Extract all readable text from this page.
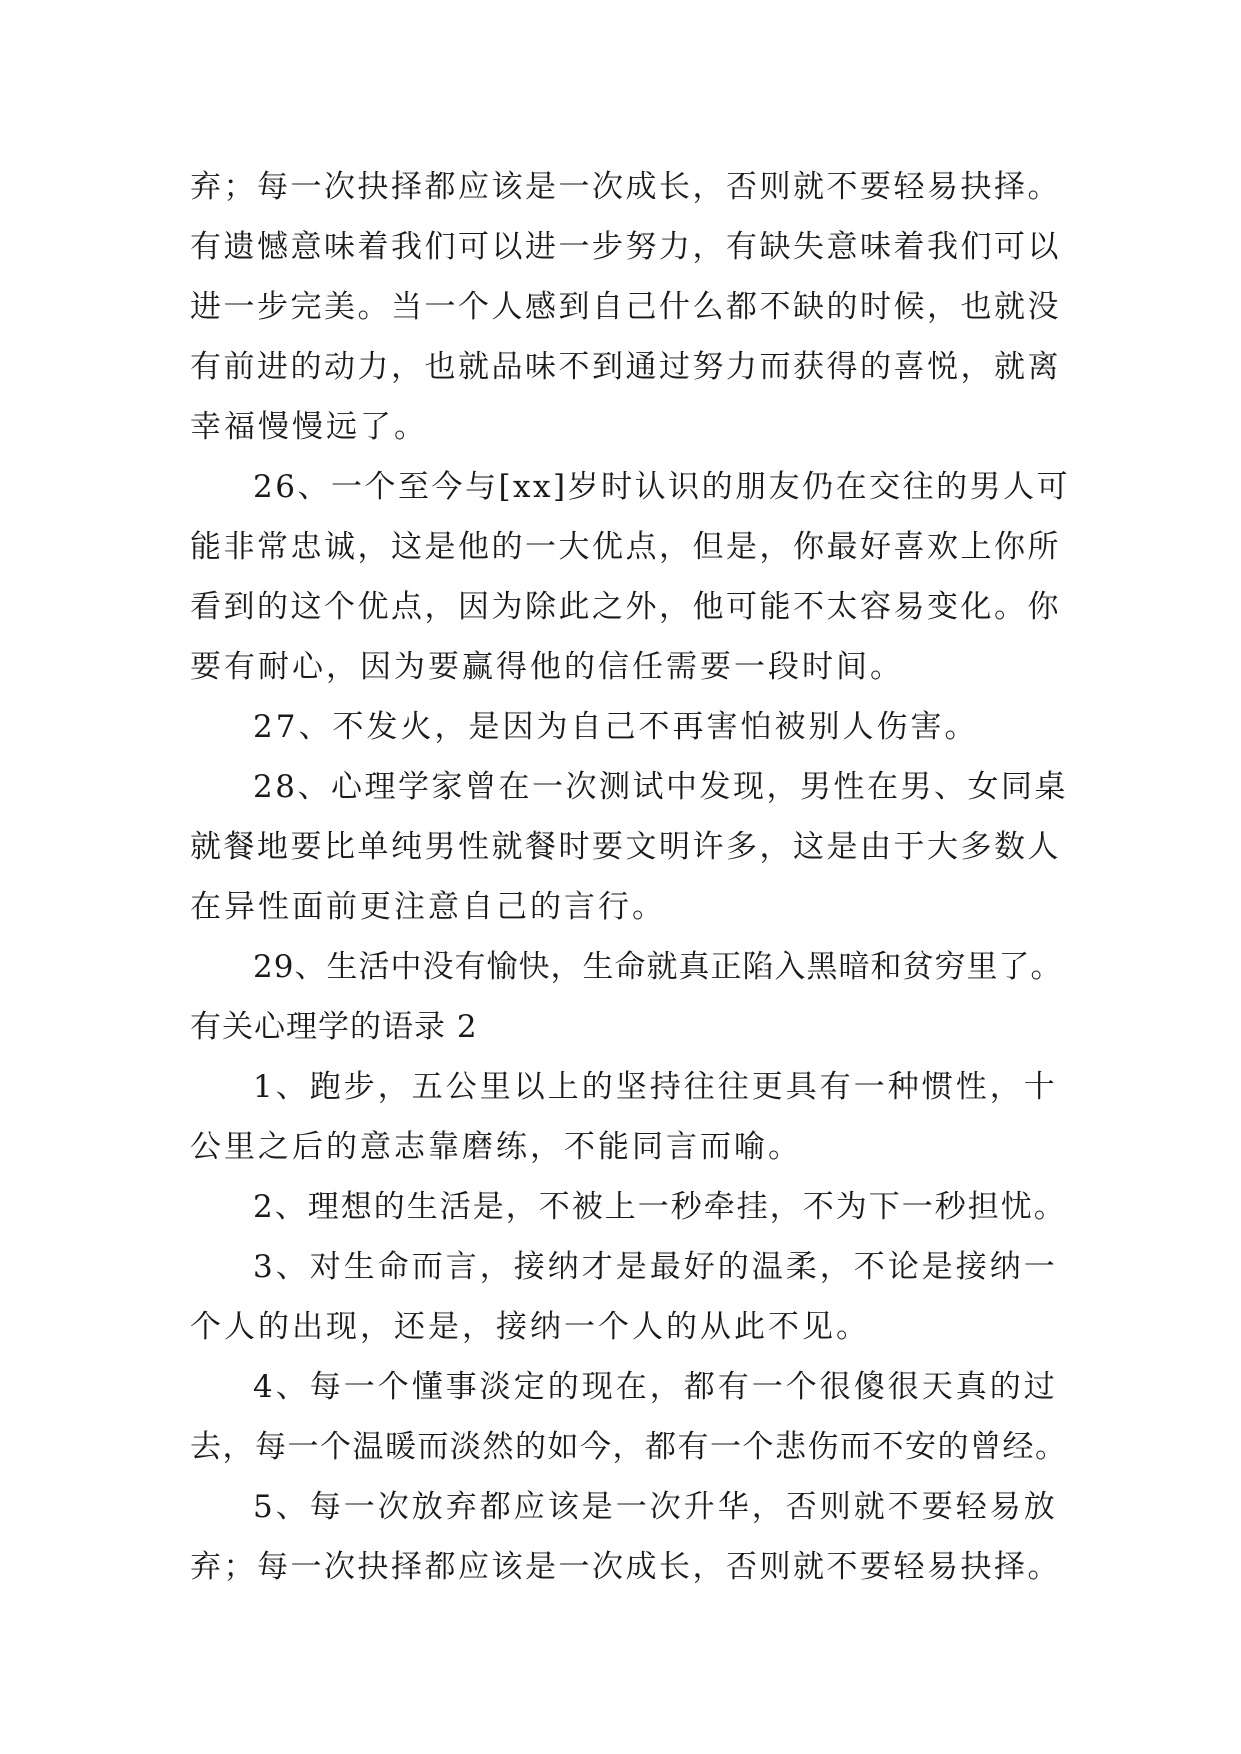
弃；每一次抉择都应该是一次成长，否则就不要轻易抉择。
有遗憾意味着我们可以进一步努力，有缺失意味着我们可以
进一步完美。当一个人感到自己什么都不缺的时候，也就没
有前进的动力，也就品味不到通过努力而获得的喜悦，就离
幸福慢慢远了。
26、一个至今与[xx]岁时认识的朋友仍在交往的男人可
能非常忠诚，这是他的一大优点，但是，你最好喜欢上你所
看到的这个优点，因为除此之外，他可能不太容易变化。你
要有耐心，因为要赢得他的信任需要一段时间。
27、不发火，是因为自己不再害怕被别人伤害。
28、心理学家曾在一次测试中发现，男性在男、女同桌
就餐地要比单纯男性就餐时要文明许多，这是由于大多数人
在异性面前更注意自己的言行。
29、生活中没有愉快，生命就真正陷入黑暗和贫穷里了。
有关心理学的语录 2
1、跑步，五公里以上的坚持往往更具有一种惯性，十
公里之后的意志靠磨练，不能同言而喻。
2、理想的生活是，不被上一秒牵挂，不为下一秒担忧。
3、对生命而言，接纳才是最好的温柔，不论是接纳一
个人的出现，还是，接纳一个人的从此不见。
4、每一个懂事淡定的现在，都有一个很傻很天真的过
去，每一个温暖而淡然的如今，都有一个悲伤而不安的曾经。
5、每一次放弃都应该是一次升华，否则就不要轻易放
弃；每一次抉择都应该是一次成长，否则就不要轻易抉择。
